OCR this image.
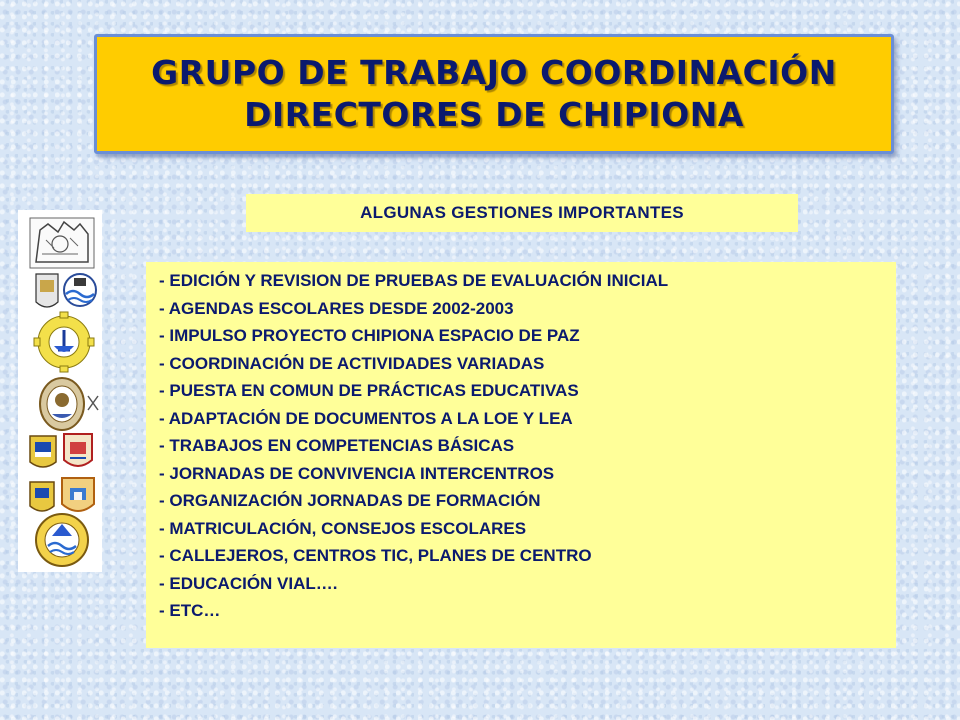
GRUPO DE TRABAJO COORDINACIÓN
DIRECTORES DE CHIPIONA
ALGUNAS GESTIONES IMPORTANTES
- EDICIÓN Y REVISION DE PRUEBAS DE EVALUACIÓN INICIAL
- AGENDAS ESCOLARES DESDE 2002-2003
- IMPULSO PROYECTO CHIPIONA ESPACIO DE PAZ
- COORDINACIÓN DE ACTIVIDADES VARIADAS
- PUESTA EN COMUN DE PRÁCTICAS EDUCATIVAS
- ADAPTACIÓN DE DOCUMENTOS A LA LOE Y LEA
- TRABAJOS EN COMPETENCIAS BÁSICAS
- JORNADAS DE CONVIVENCIA INTERCENTROS
- ORGANIZACIÓN JORNADAS DE FORMACIÓN
- MATRICULACIÓN, CONSEJOS ESCOLARES
- CALLEJEROS, CENTROS TIC, PLANES DE CENTRO
- EDUCACIÓN VIAL….
- ETC…
